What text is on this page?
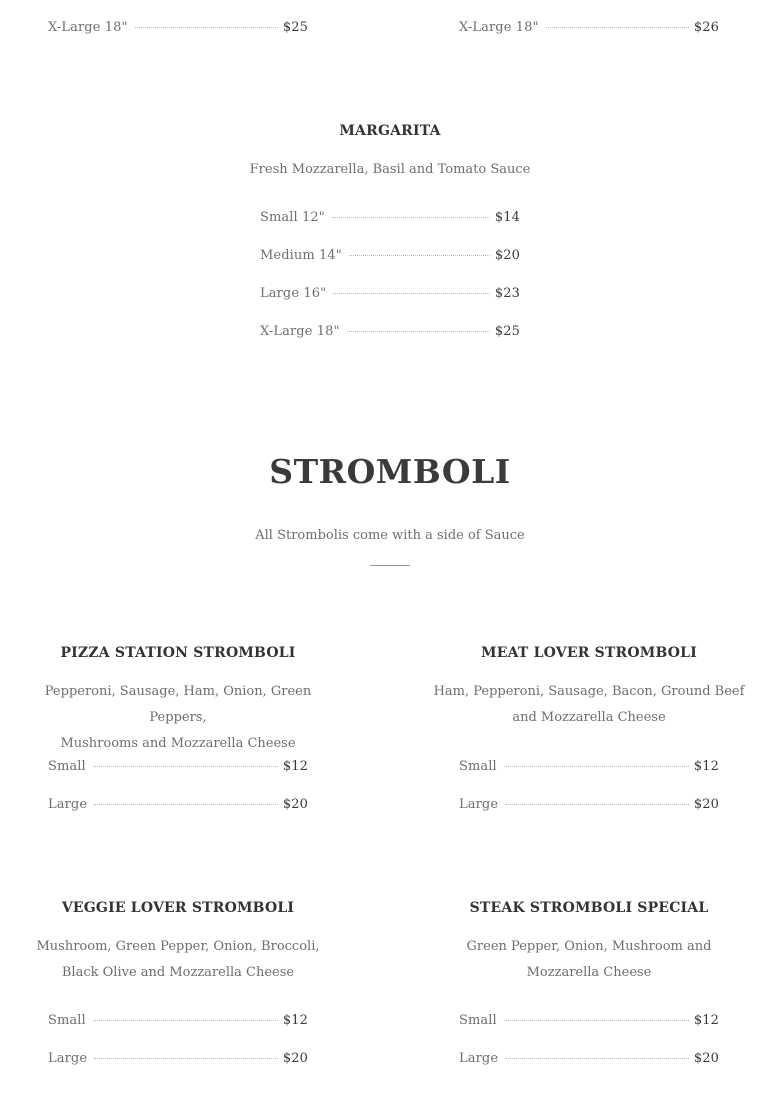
X-Large 18"	$25	X-Large 18"	$26
MARGARITA
Fresh Mozzarella, Basil and Tomato Sauce
Small 12"	$14
Medium 14"	$20
Large 16"	$23
X-Large 18"	$25
STROMBOLI
All Strombolis come with a side of Sauce
PIZZA STATION STROMBOLI
Pepperoni, Sausage, Ham, Onion, Green Peppers,
Mushrooms and Mozzarella Cheese
Small	$12
Large	$20
MEAT LOVER STROMBOLI
Ham, Pepperoni, Sausage, Bacon, Ground Beef
and Mozzarella Cheese
Small	$12
Large	$20
VEGGIE LOVER STROMBOLI
Mushroom, Green Pepper, Onion, Broccoli,
Black Olive and Mozzarella Cheese
Small	$12
Large	$20
STEAK STROMBOLI SPECIAL
Green Pepper, Onion, Mushroom and
Mozzarella Cheese
Small	$12
Large	$20
